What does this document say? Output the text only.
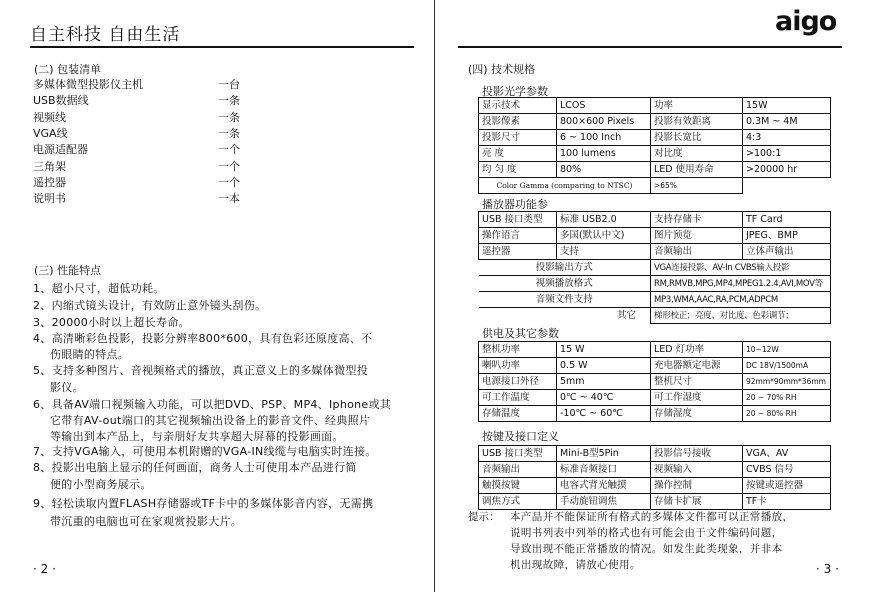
自主科技 自由生活
(二) 包装清单
多媒体微型投影仪主机	一台
USB数据线	一条
视频线	一条
VGA线	一条
电源适配器	一个
三角架	一个
遥控器	一个
说明书	一本
(三) 性能特点
1、超小尺寸，超低功耗。
2、内缩式镜头设计，有效防止意外镜头刮伤。
3、20000小时以上超长寿命。
4、高清晰彩色投影，投影分辨率800*600，具有色彩还原度高、不
伤眼睛的特点。
5、支持多种图片、音视频格式的播放，真正意义上的多媒体微型投
影仪。
6、具备AV端口视频输入功能，可以把DVD、PSP、MP4、Iphone或其
它带有AV-out端口的其它视频输出设备上的影音文件、经典照片
等输出到本产品上，与亲朋好友共享超大屏幕的投影画面。
7、支持VGA输入，可使用本机附赠的VGA-IN线缆与电脑实时连接。
8、投影出电脑上显示的任何画面，商务人士可使用本产品进行简
便的小型商务展示。
9、轻松读取内置FLASH存储器或TF卡中的多媒体影音内容，无需携
带沉重的电脑也可在家观赏投影大片。
· 2 ·
aigo
(四) 技术规格
投影光学参数
显示技术	LCOS	功率	15W	
投影像素	800×600 Pixels	投影有效距离	0.3M ~ 4M	
投影尺寸	6 ~ 100 Inch	投影长宽比	4:3	
亮 度	100 lumens	对比度	>100:1	
均 匀 度	80%	LED 使用寿命	>20000 hr	
Color Gamma (comparing to NTSC)		>65%		
播放器功能参
USB 接口类型	标准 USB2.0	支持存储卡	TF Card
操作语言	多国(默认中文)	图片预览	JPEG、BMP
遥控器	支持	音频输出	立体声输出
投影输出方式		VGA连接投影、AV-In CVBS输入投影	
视频播放格式		RM,RMVB,MPG,MP4,MPEG1.2.4,AVI,MOV等	
音频文件支持		MP3,WMA,AAC,RA,PCM,ADPCM	
其它		梯形校正；亮度、对比度、色彩调节；	
供电及其它参数
整机功率	15 W	LED 灯功率	10~12W
喇叭功率	0.5 W	充电器额定电源	DC 18V/1500mA
电源接口外径	5mm	整机尺寸	92mm*90mm*36mm
可工作温度	0℃ ~ 40℃	可工作湿度	20 ~ 70% RH
存储温度	-10℃ ~ 60℃	存储湿度	20 ~ 80% RH
按键及接口定义
USB 接口类型	Mini-B型5Pin	投影信号接收	VGA、AV
音频输出	标准音频接口	视频输入	CVBS 信号
触摸按键	电容式背光触摸	操作控制	按键或遥控器
调焦方式	手动旋钮调焦	存储卡扩展	TF卡
提示： 本产品并不能保证所有格式的多媒体文件都可以正常播放，
说明书列表中列举的格式也有可能会由于文件编码问题，
导致出现不能正常播放的情况。如发生此类现象，并非本
机出现故障，请放心使用。	· 3 ·
